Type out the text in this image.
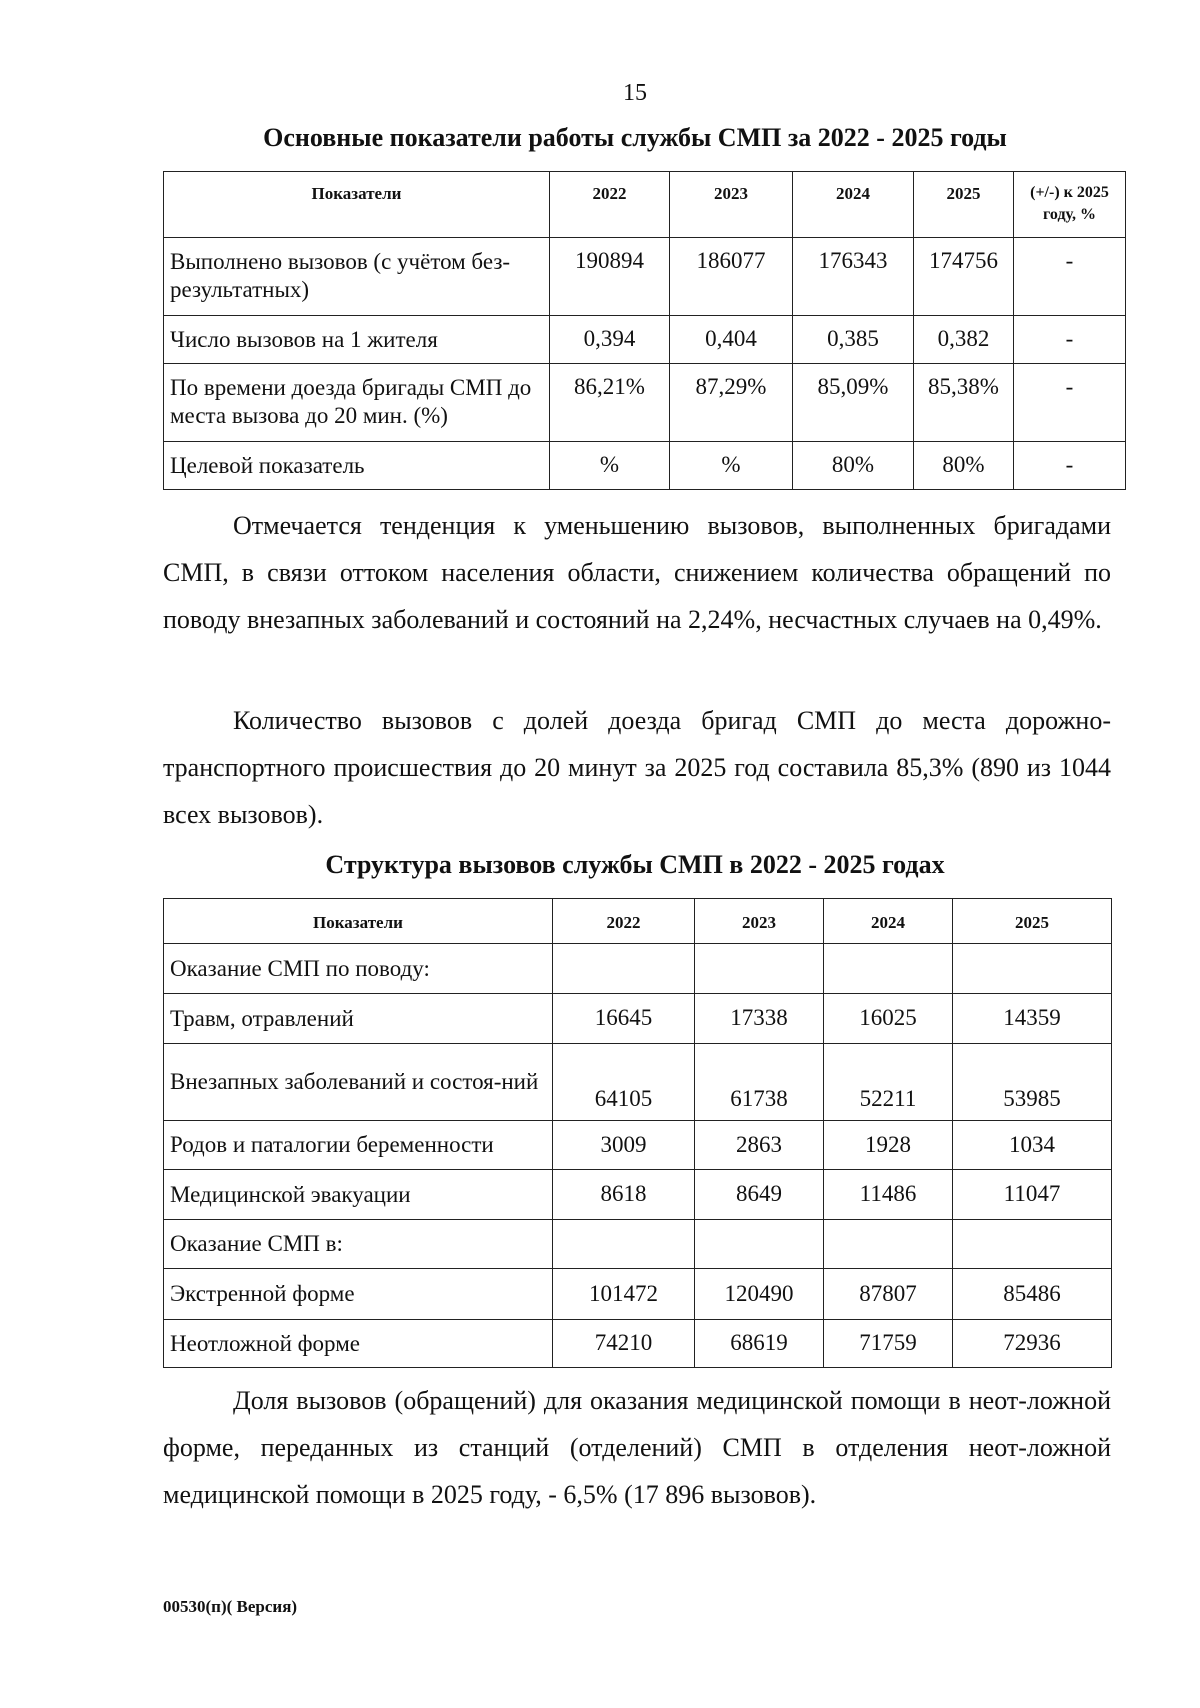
15
Основные показатели работы службы СМП за 2022 - 2025 годы
Показатели	2022	2023	2024	2025	(+/-) к 2025 году, %
Выполнено вызовов (с учётом без-результатных)	190894	186077	176343	174756	-
Число вызовов на 1 жителя	0,394	0,404	0,385	0,382	-
По времени доезда бригады СМП до места вызова до 20 мин. (%)	86,21%	87,29%	85,09%	85,38%	-
Целевой показатель	%	%	80%	80%	-

Отмечается тенденция к уменьшению вызовов, выполненных бригадами СМП, в связи оттоком населения области, снижением количества обращений по поводу внезапных заболеваний и состояний на 2,24%, несчастных случаев на 0,49%.

Количество вызовов с долей доезда бригад СМП до места дорожно-транспортного происшествия до 20 минут за 2025 год составила 85,3% (890 из 1044 всех вызовов).

Структура вызовов службы СМП в 2022 - 2025 годах
Показатели	2022	2023	2024	2025
Оказание СМП по поводу:				
Травм, отравлений	16645	17338	16025	14359
Внезапных заболеваний и состоя-ний	64105	61738	52211	53985
Родов и паталогии беременности	3009	2863	1928	1034
Медицинской эвакуации	8618	8649	11486	11047
Оказание СМП в:				
Экстренной форме	101472	120490	87807	85486
Неотложной форме	74210	68619	71759	72936

Доля вызовов (обращений) для оказания медицинской помощи в неот-ложной форме, переданных из станций (отделений) СМП в отделения неот-ложной медицинской помощи в 2025 году, - 6,5% (17 896 вызовов).

00530(п)( Версия)
